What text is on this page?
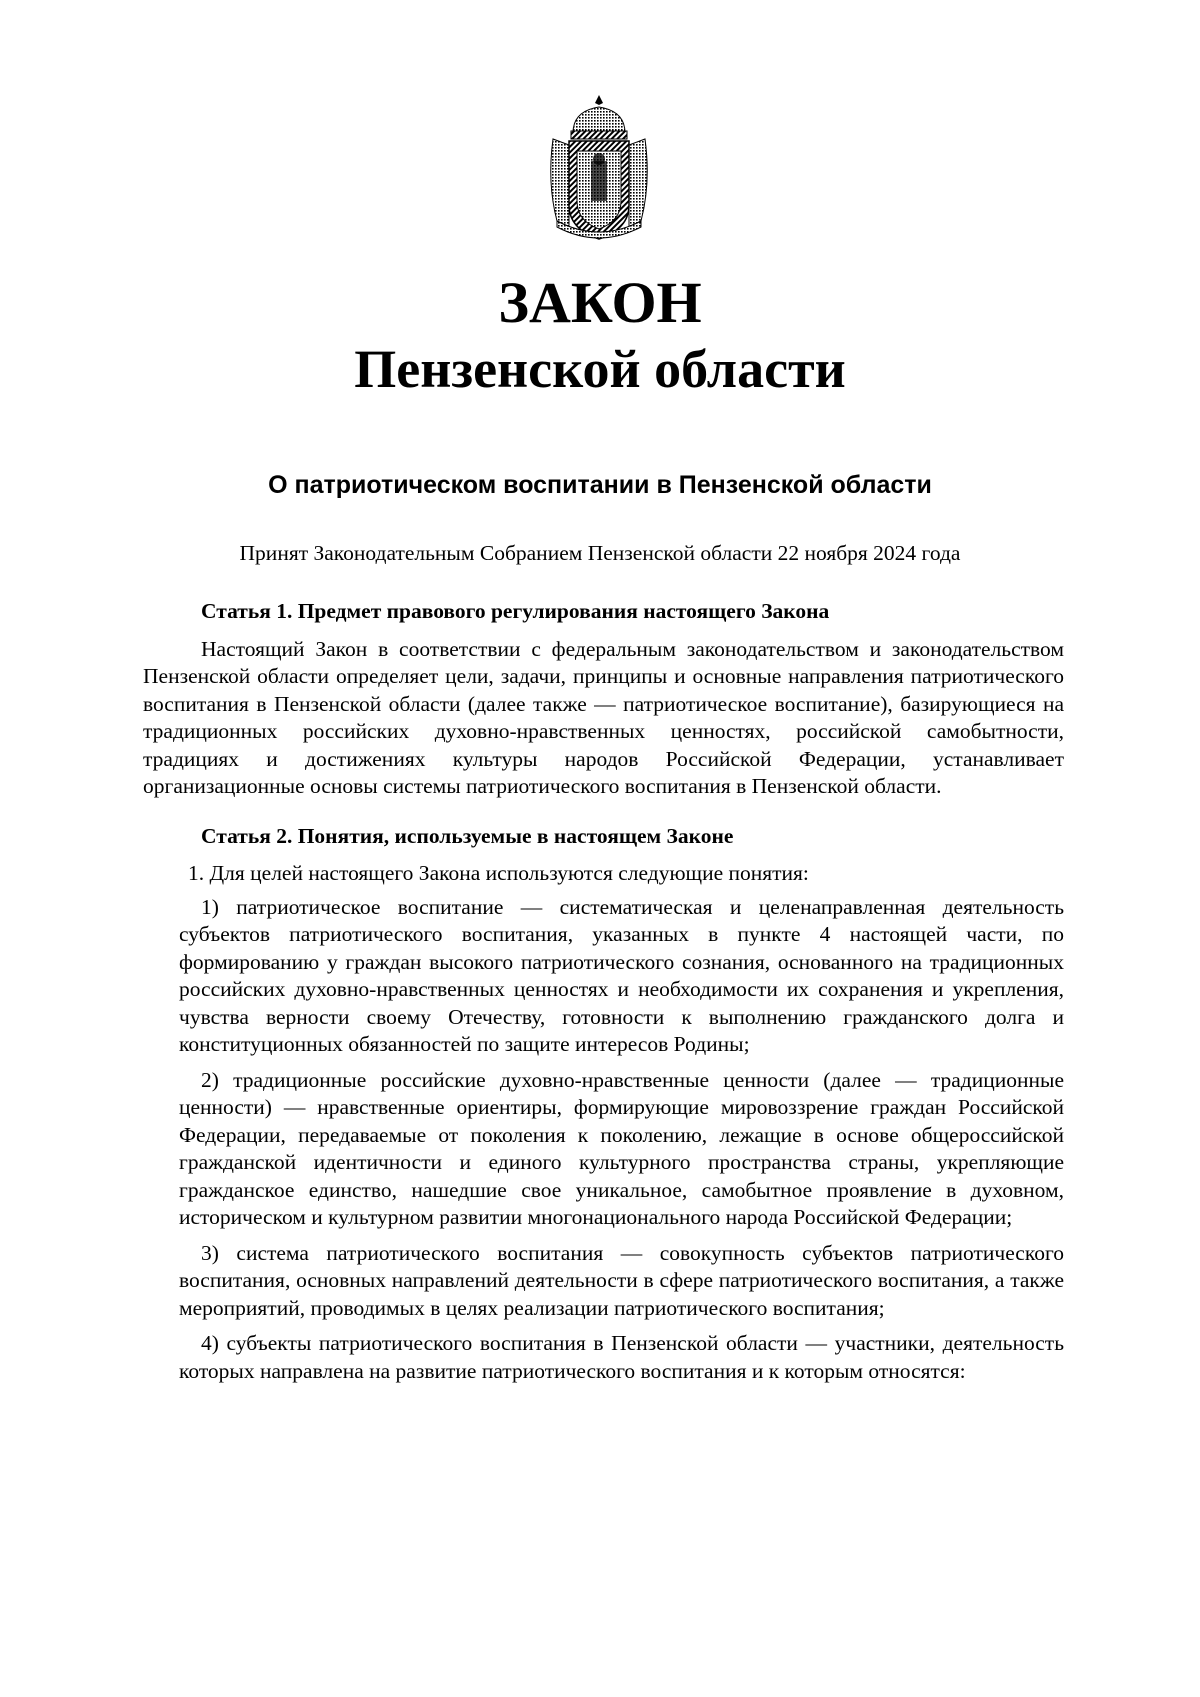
ЗАКОН
Пензенской области
О патриотическом воспитании в Пензенской области
Принят Законодательным Собранием Пензенской области 22 ноября 2024 года
Статья 1. Предмет правового регулирования настоящего Закона

Настоящий Закон в соответствии с федеральным законодательством и законодательством Пензенской области определяет цели, задачи, принципы и основные направления патриотического воспитания в Пензенской области (далее также — патриотическое воспитание), базирующиеся на традиционных российских духовно-нравственных ценностях, российской самобытности, традициях и достижениях культуры народов Российской Федерации, устанавливает организационные основы системы патриотического воспитания в Пензенской области.

Статья 2. Понятия, используемые в настоящем Законе
1. Для целей настоящего Закона используются следующие понятия:

1) патриотическое воспитание — систематическая и целенаправленная деятельность субъектов патриотического воспитания, указанных в пункте 4 настоящей части, по формированию у граждан высокого патриотического сознания, основанного на традиционных российских духовно-нравственных ценностях и необходимости их сохранения и укрепления, чувства верности своему Отечеству, готовности к выполнению гражданского долга и конституционных обязанностей по защите интересов Родины;

2) традиционные российские духовно-нравственные ценности (далее — традиционные ценности) — нравственные ориентиры, формирующие мировоззрение граждан Российской Федерации, передаваемые от поколения к поколению, лежащие в основе общероссийской гражданской идентичности и единого культурного пространства страны, укрепляющие гражданское единство, нашедшие свое уникальное, самобытное проявление в духовном, историческом и культурном развитии многонационального народа Российской Федерации;

3) система патриотического воспитания — совокупность субъектов патриотического воспитания, основных направлений деятельности в сфере патриотического воспитания, а также мероприятий, проводимых в целях реализации патриотического воспитания;

4) субъекты патриотического воспитания в Пензенской области — участники, деятельность которых направлена на развитие патриотического воспитания и к которым относятся:
